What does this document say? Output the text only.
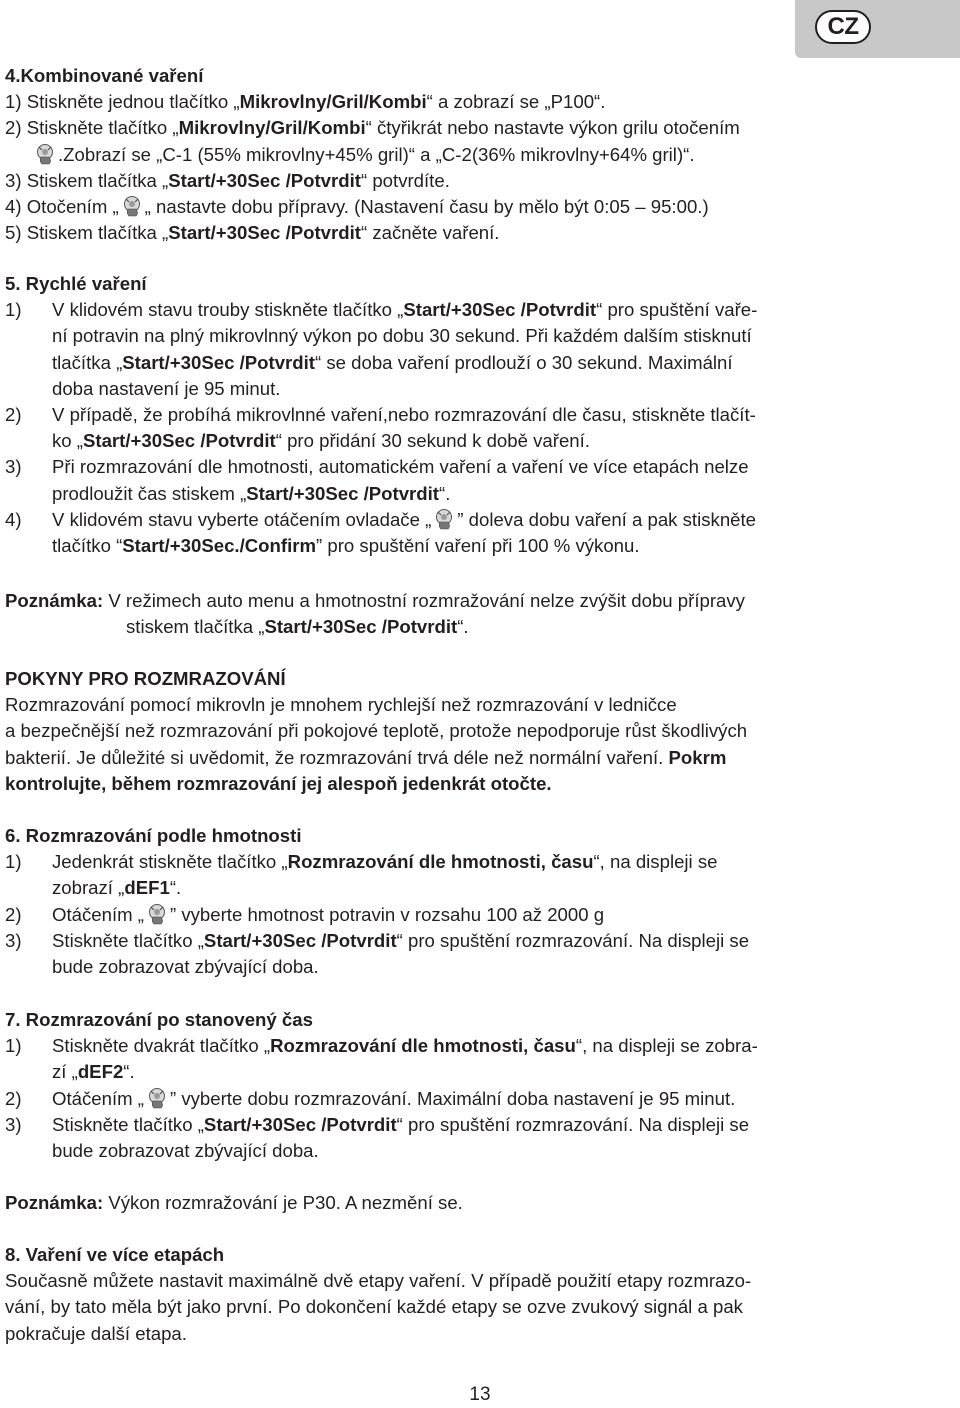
CZ
4.Kombinované vaření
1) Stiskněte jednou tlačítko „Mikrovlny/Gril/Kombi“ a zobrazí se „P100“.
2) Stiskněte tlačítko „Mikrovlny/Gril/Kombi“ čtyřikrát nebo nastavte výkon grilu otočením
.Zobrazí se „C-1 (55% mikrovlny+45% gril)“ a „C-2(36% mikrovlny+64% gril)“.
3) Stiskem tlačítka „Start/+30Sec /Potvrdit“ potvrdíte.
4) Otočením „ „ nastavte dobu přípravy. (Nastavení času by mělo být 0:05 – 95:00.)
5) Stiskem tlačítka „Start/+30Sec /Potvrdit“ začněte vaření.
5. Rychlé vaření
1) V klidovém stavu trouby stiskněte tlačítko „Start/+30Sec /Potvrdit“ pro spuštění vaře-
ní potravin na plný mikrovlnný výkon po dobu 30 sekund. Při každém dalším stisknutí
tlačítka „Start/+30Sec /Potvrdit“ se doba vaření prodlouží o 30 sekund. Maximální
doba nastavení je 95 minut.
2) V případě, že probíhá mikrovlnné vaření,nebo rozmrazování dle času, stiskněte tlačít-
ko „Start/+30Sec /Potvrdit“ pro přidání 30 sekund k době vaření.
3) Při rozmrazování dle hmotnosti, automatickém vaření a vaření ve více etapách nelze
prodloužit čas stiskem „Start/+30Sec /Potvrdit“.
4) V klidovém stavu vyberte otáčením ovladače „ ” doleva dobu vaření a pak stiskněte
tlačítko “Start/+30Sec./Confirm” pro spuštění vaření při 100 % výkonu.
Poznámka: V režimech auto menu a hmotnostní rozmražování nelze zvýšit dobu přípravy
stiskem tlačítka „Start/+30Sec /Potvrdit“.
POKYNY PRO ROZMRAZOVÁNÍ
Rozmrazování pomocí mikrovln je mnohem rychlejší než rozmrazování v ledničce
a bezpečnější než rozmrazování při pokojové teplotě, protože nepodporuje růst škodlivých
bakterií. Je důležité si uvědomit, že rozmrazování trvá déle než normální vaření. Pokrm
kontrolujte, během rozmrazování jej alespoň jedenkrát otočte.
6. Rozmrazování podle hmotnosti
1) Jedenkrát stiskněte tlačítko „Rozmrazování dle hmotnosti, času“, na displeji se
zobrazí „dEF1“.
2) Otáčením „ ” vyberte hmotnost potravin v rozsahu 100 až 2000 g
3) Stiskněte tlačítko „Start/+30Sec /Potvrdit“ pro spuštění rozmrazování. Na displeji se
bude zobrazovat zbývající doba.
7. Rozmrazování po stanovený čas
1) Stiskněte dvakrát tlačítko „Rozmrazování dle hmotnosti, času“, na displeji se zobra-
zí „dEF2“.
2) Otáčením „ ” vyberte dobu rozmrazování. Maximální doba nastavení je 95 minut.
3) Stiskněte tlačítko „Start/+30Sec /Potvrdit“ pro spuštění rozmrazování. Na displeji se
bude zobrazovat zbývající doba.
Poznámka: Výkon rozmražování je P30. A nezmění se.
8. Vaření ve více etapách
Současně můžete nastavit maximálně dvě etapy vaření. V případě použití etapy rozmrazo-
vání, by tato měla být jako první. Po dokončení každé etapy se ozve zvukový signál a pak
pokračuje další etapa.
13
